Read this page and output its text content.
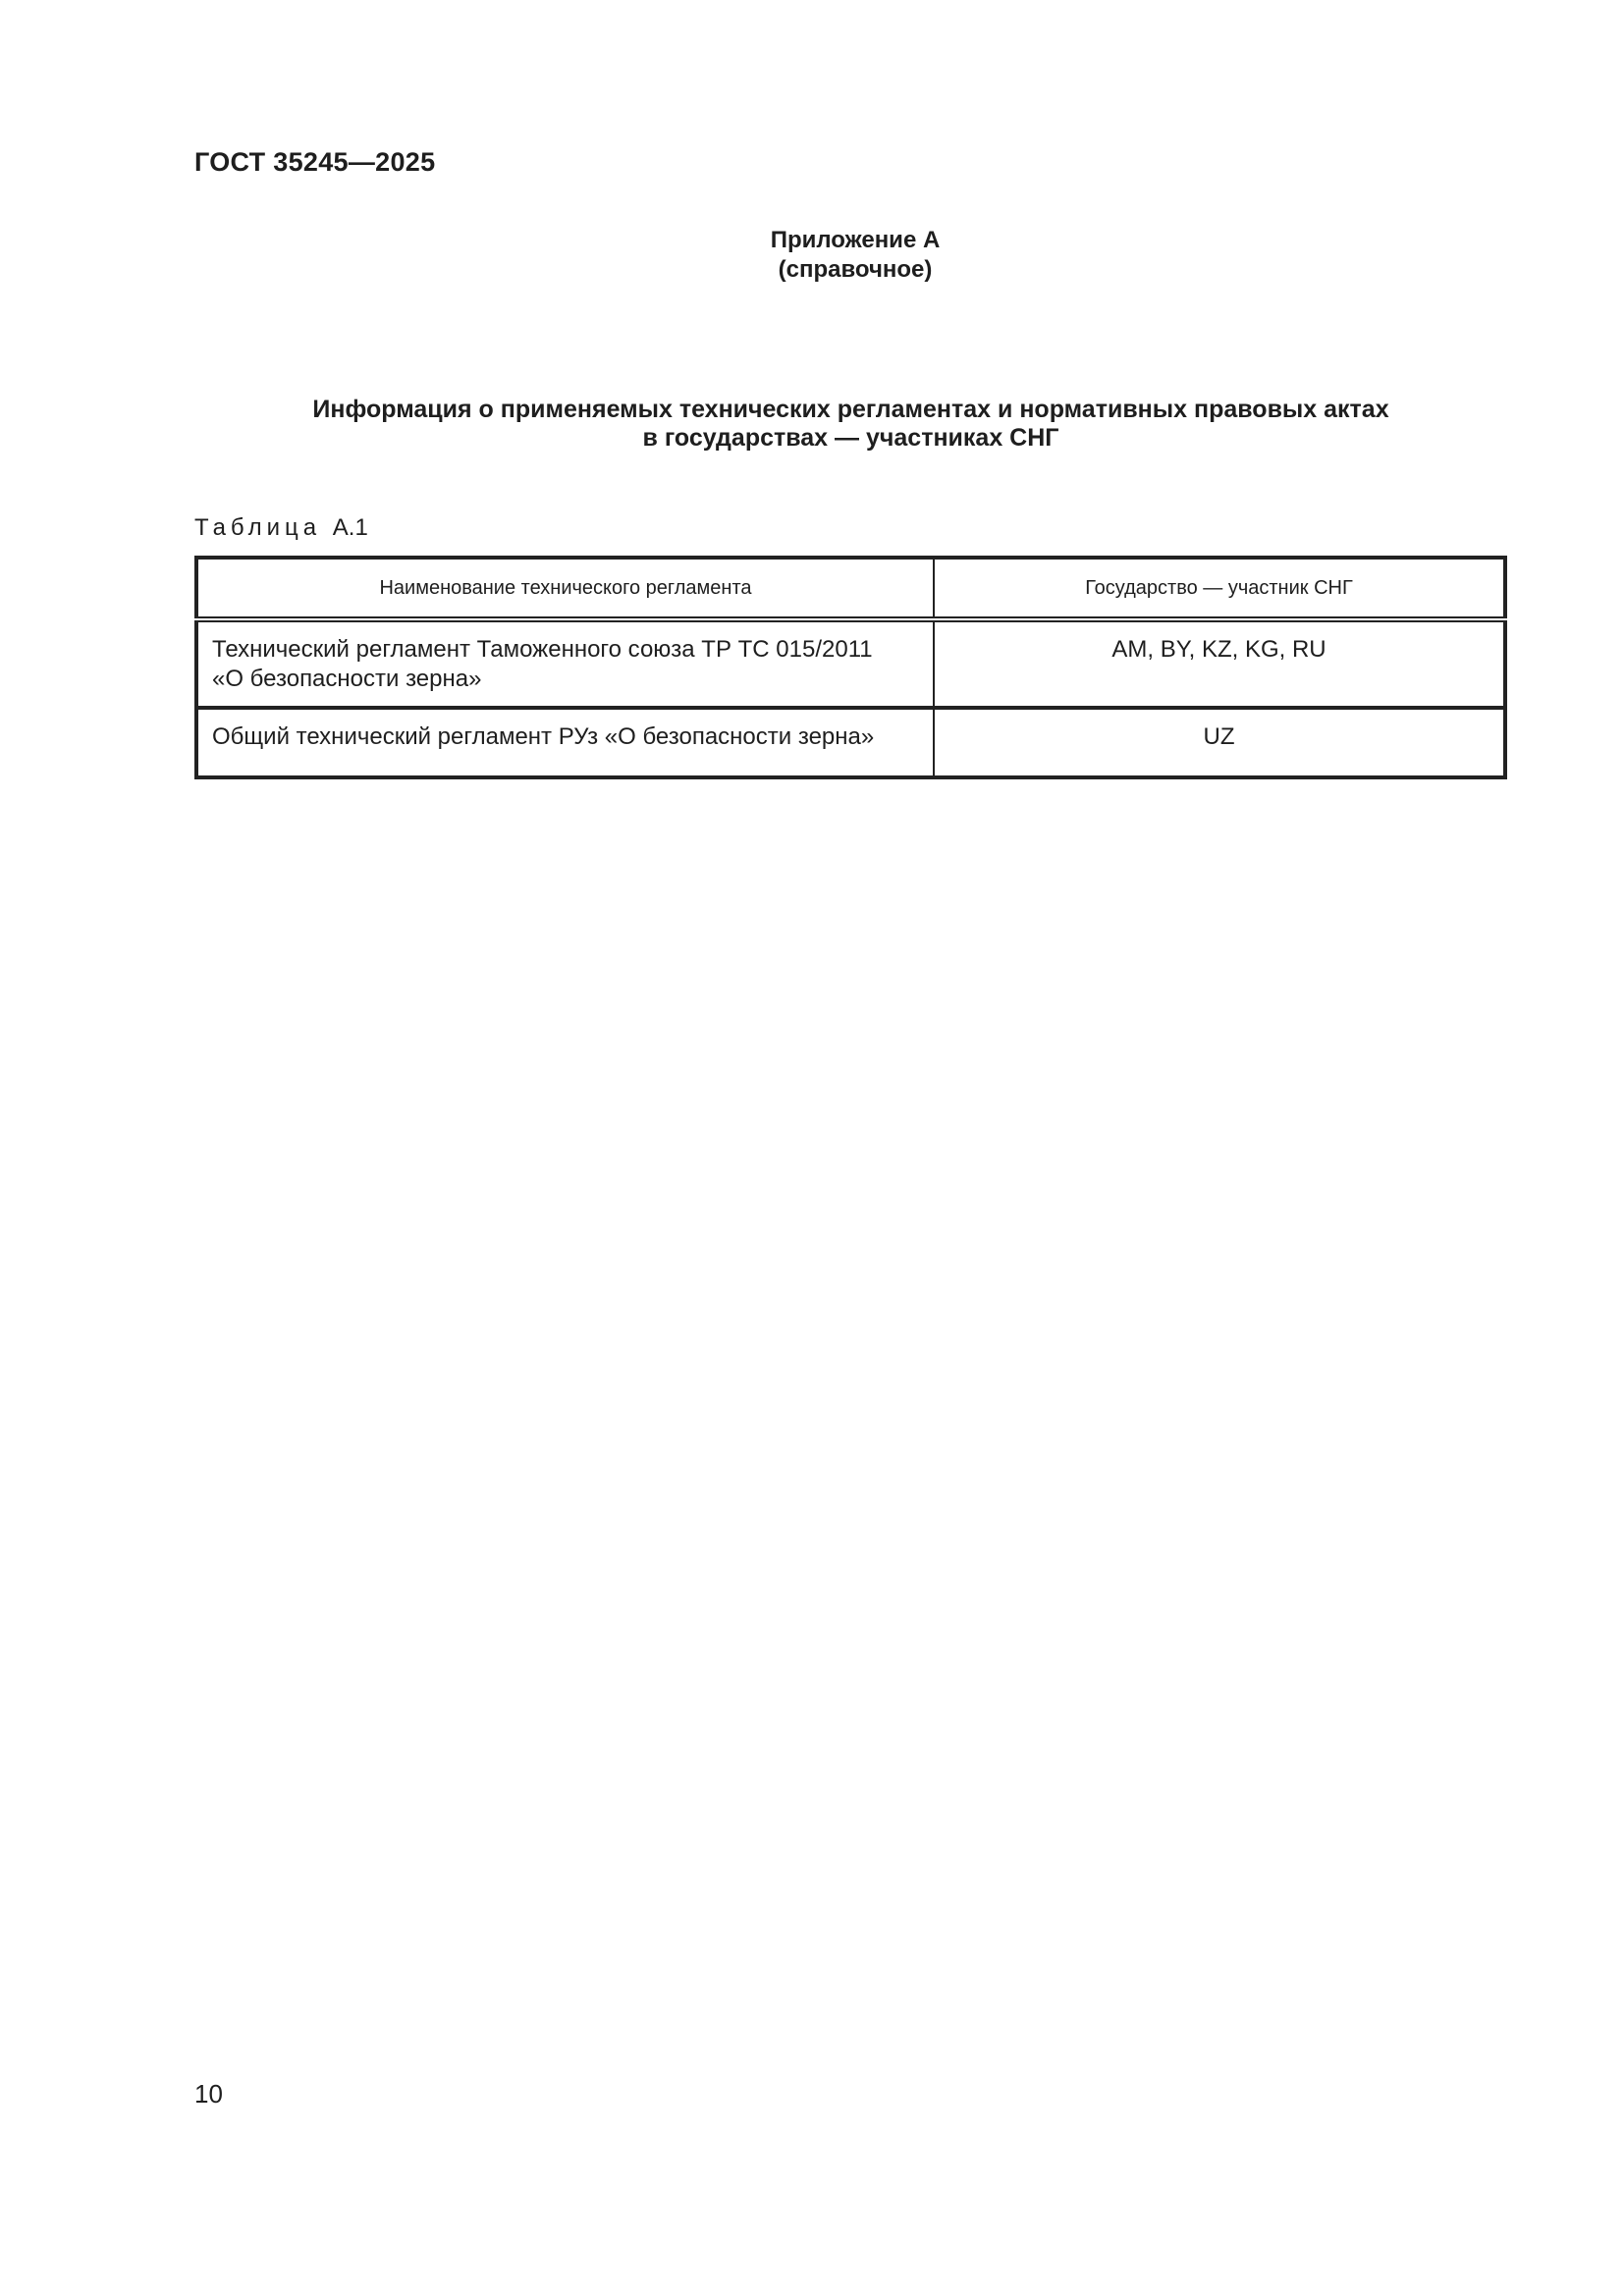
ГОСТ 35245—2025
Приложение А
(справочное)
Информация о применяемых технических регламентах и нормативных правовых актах
в государствах — участниках СНГ
Таблица А.1
Наименование технического регламента	Государство — участник СНГ

Технический регламент Таможенного союза ТР ТС 015/2011
«О безопасности зерна»	AM, BY, KZ, KG, RU

Общий технический регламент РУз «О безопасности зерна»	UZ
10
